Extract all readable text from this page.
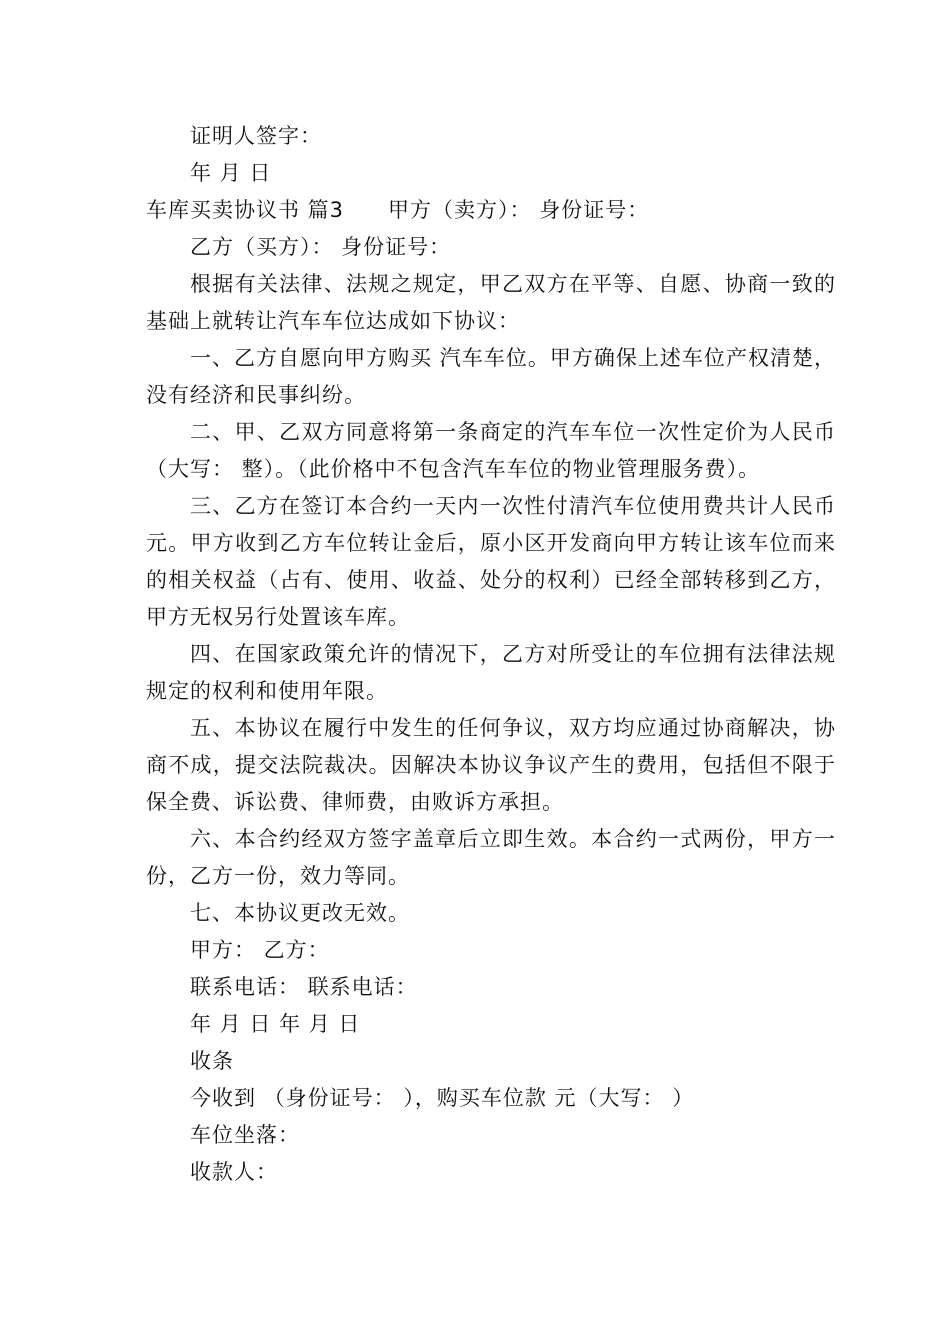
证明人签字：

年 月 日

车库买卖协议书 篇3　　甲方（卖方）： 身份证号：

乙方（买方）： 身份证号：

根据有关法律、法规之规定，甲乙双方在平等、自愿、协商一致的基础上就转让汽车车位达成如下协议：

一、乙方自愿向甲方购买 汽车车位。甲方确保上述车位产权清楚，没有经济和民事纠纷。

二、甲、乙双方同意将第一条商定的汽车车位一次性定价为人民币 （大写： 整）。（此价格中不包含汽车车位的物业管理服务费）。

三、乙方在签订本合约一天内一次性付清汽车位使用费共计人民币 元。甲方收到乙方车位转让金后，原小区开发商向甲方转让该车位而来的相关权益（占有、使用、收益、处分的权利）已经全部转移到乙方，甲方无权另行处置该车库。

四、在国家政策允许的情况下，乙方对所受让的车位拥有法律法规规定的权利和使用年限。

五、本协议在履行中发生的任何争议，双方均应通过协商解决，协商不成，提交法院裁决。因解决本协议争议产生的费用，包括但不限于保全费、诉讼费、律师费，由败诉方承担。

六、本合约经双方签字盖章后立即生效。本合约一式两份，甲方一份，乙方一份，效力等同。

七、本协议更改无效。

甲方： 乙方：

联系电话： 联系电话：

年 月 日 年 月 日

收条

今收到 （身份证号： ），购买车位款 元（大写： ）

车位坐落：

收款人：
